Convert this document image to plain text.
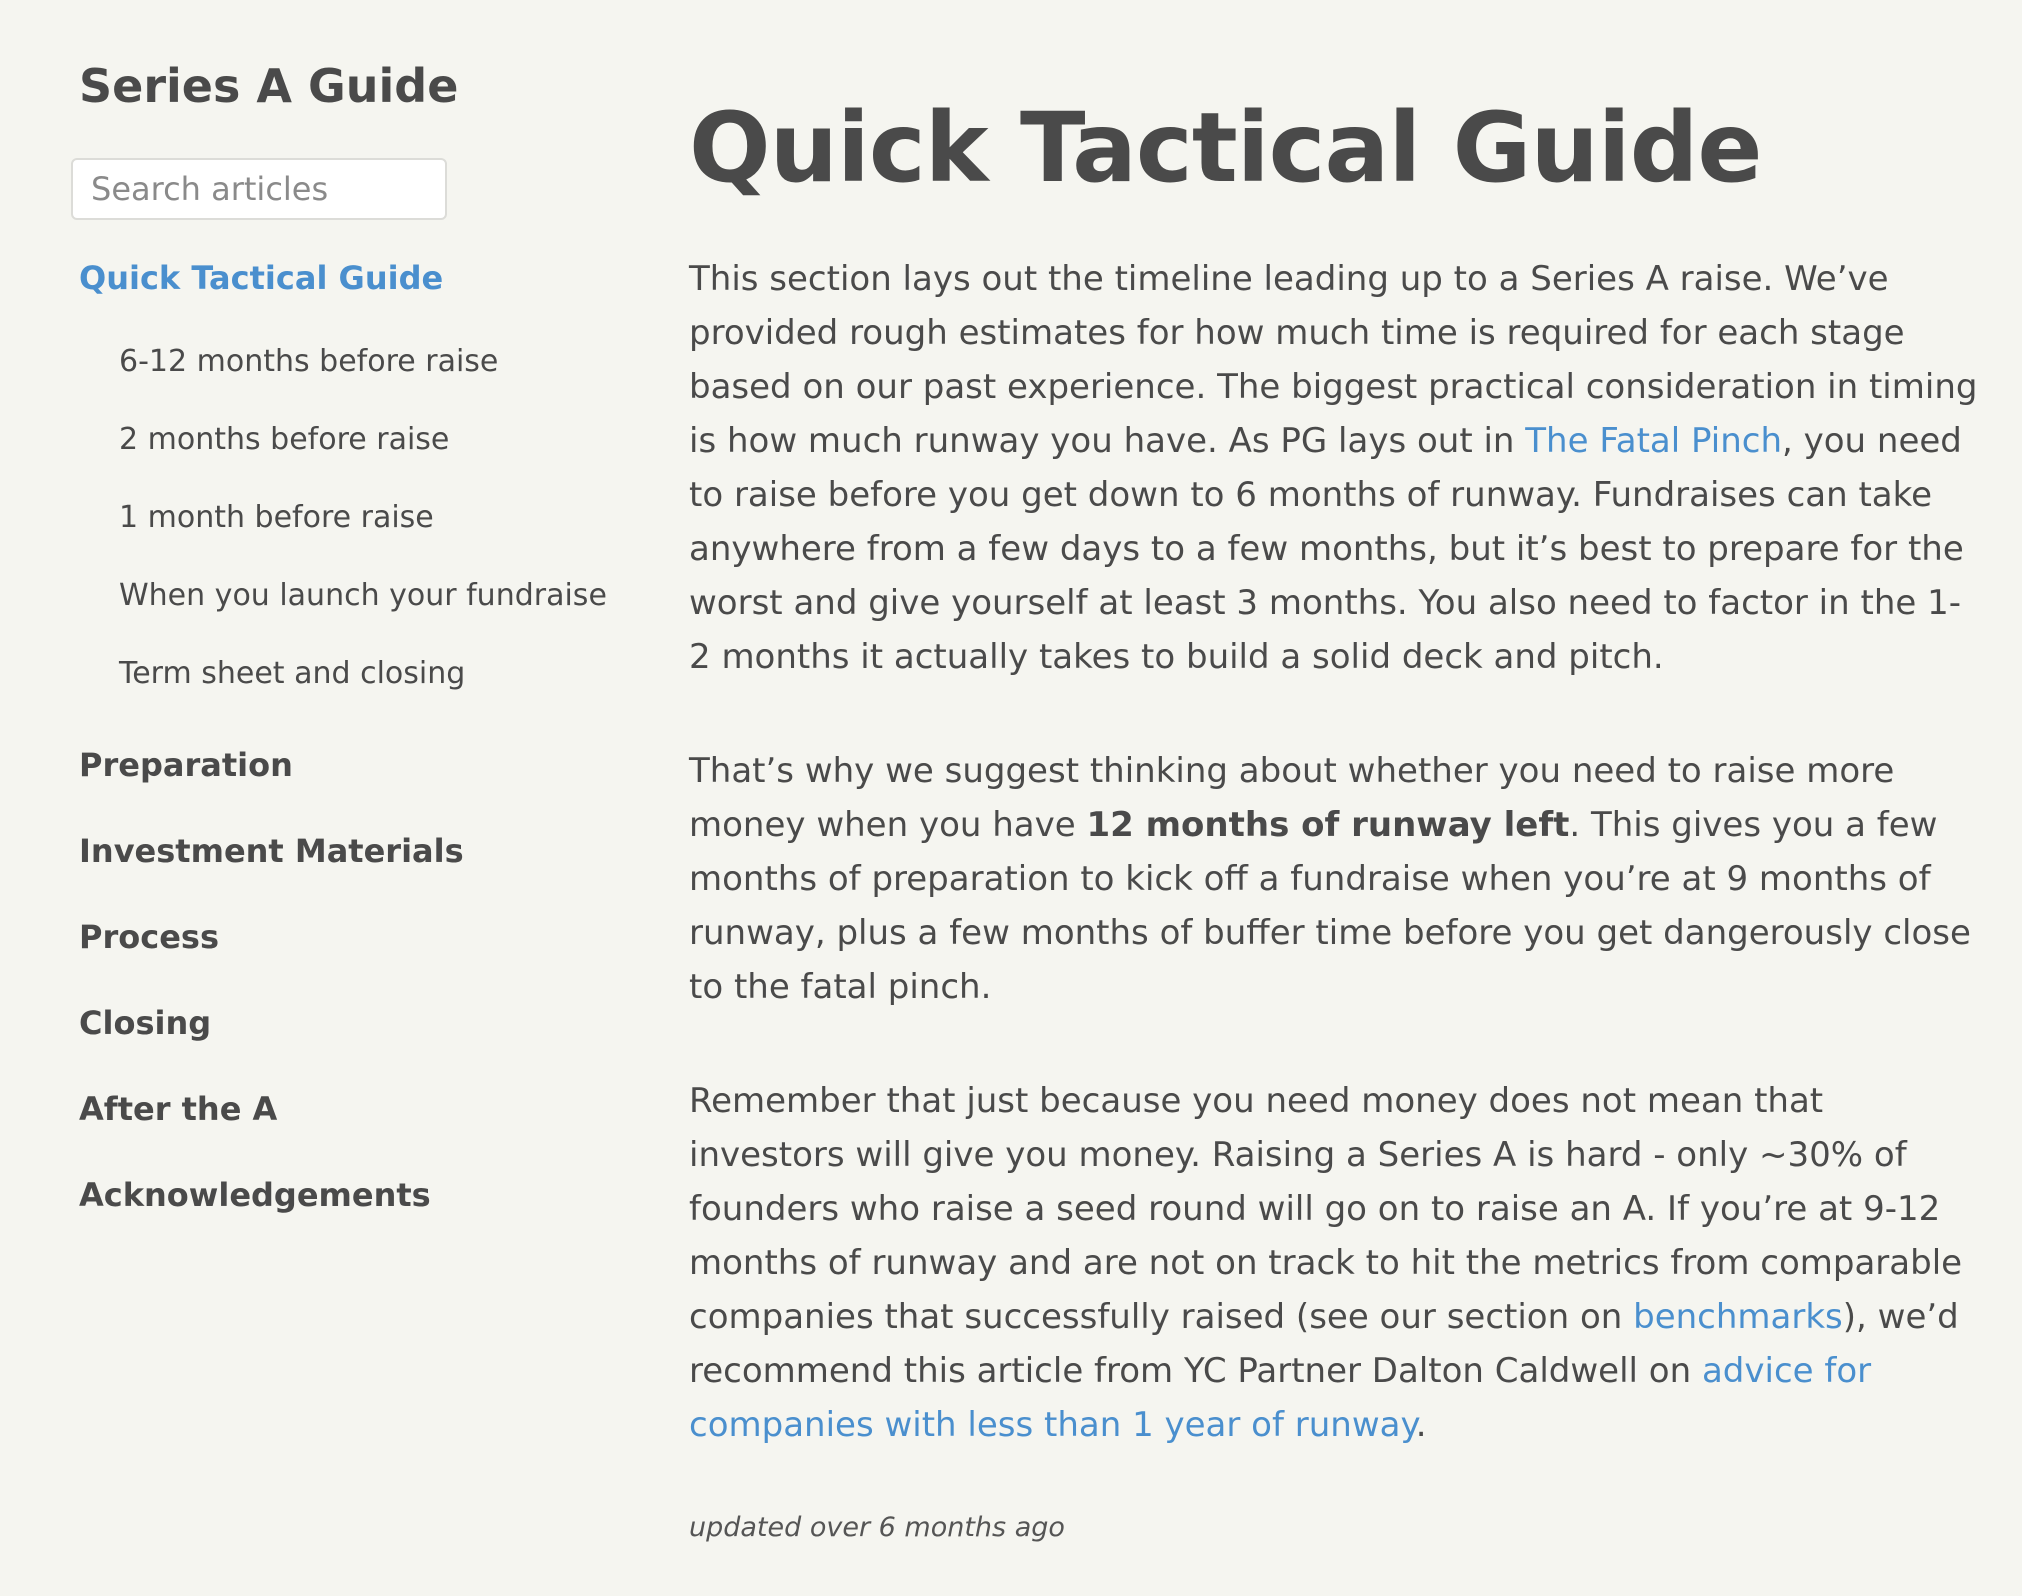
Series A Guide
Search articles
Quick Tactical Guide
6-12 months before raise
2 months before raise
1 month before raise
When you launch your fundraise
Term sheet and closing
Preparation
Investment Materials
Process
Closing
After the A
Acknowledgements
Quick Tactical Guide

This section lays out the timeline leading up to a Series A raise. We’ve provided rough estimates for how much time is required for each stage based on our past experience. The biggest practical consideration in timing is how much runway you have. As PG lays out in The Fatal Pinch, you need to raise before you get down to 6 months of runway. Fundraises can take anywhere from a few days to a few months, but it’s best to prepare for the worst and give yourself at least 3 months. You also need to factor in the 1-2 months it actually takes to build a solid deck and pitch.

That’s why we suggest thinking about whether you need to raise more money when you have 12 months of runway left. This gives you a few months of preparation to kick off a fundraise when you’re at 9 months of runway, plus a few months of buffer time before you get dangerously close to the fatal pinch.

Remember that just because you need money does not mean that investors will give you money. Raising a Series A is hard - only ~30% of founders who raise a seed round will go on to raise an A. If you’re at 9-12 months of runway and are not on track to hit the metrics from comparable companies that successfully raised (see our section on benchmarks), we’d recommend this article from YC Partner Dalton Caldwell on advice for companies with less than 1 year of runway.

updated over 6 months ago
